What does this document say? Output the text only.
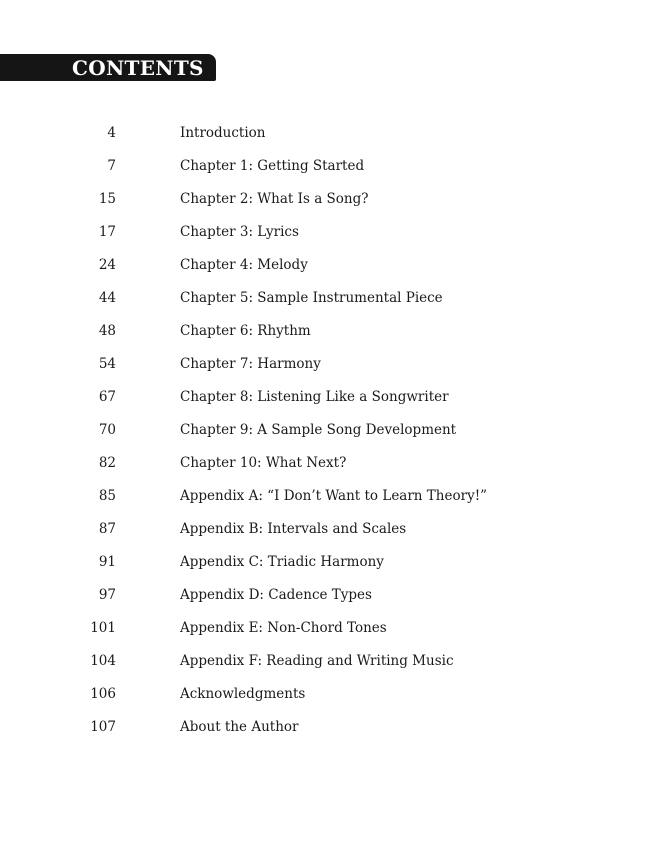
CONTENTS
4	Introduction
7	Chapter 1: Getting Started
15	Chapter 2: What Is a Song?
17	Chapter 3: Lyrics
24	Chapter 4: Melody
44	Chapter 5: Sample Instrumental Piece
48	Chapter 6: Rhythm
54	Chapter 7: Harmony
67	Chapter 8: Listening Like a Songwriter
70	Chapter 9: A Sample Song Development
82	Chapter 10: What Next?
85	Appendix A: “I Don’t Want to Learn Theory!”
87	Appendix B: Intervals and Scales
91	Appendix C: Triadic Harmony
97	Appendix D: Cadence Types
101	Appendix E: Non-Chord Tones
104	Appendix F: Reading and Writing Music
106	Acknowledgments
107	About the Author
